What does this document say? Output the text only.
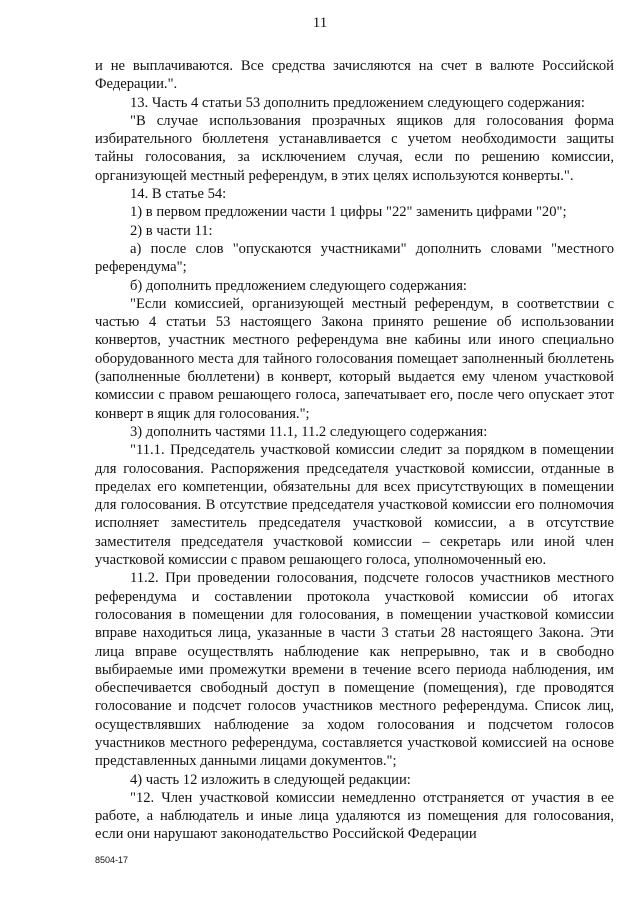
11

и не выплачиваются. Все средства зачисляются на счет в валюте Российской Федерации.".

13. Часть 4 статьи 53 дополнить предложением следующего содержания:

"В случае использования прозрачных ящиков для голосования форма избирательного бюллетеня устанавливается с учетом необходимости защиты тайны голосования, за исключением случая, если по решению комиссии, организующей местный референдум, в этих целях используются конверты.".

14. В статье 54:

1) в первом предложении части 1 цифры "22" заменить цифрами "20";

2) в части 11:

а) после слов "опускаются участниками" дополнить словами "местного референдума";

б) дополнить предложением следующего содержания:

"Если комиссией, организующей местный референдум, в соответствии с частью 4 статьи 53 настоящего Закона принято решение об использовании конвертов, участник местного референдума вне кабины или иного специально оборудованного места для тайного голосования помещает заполненный бюллетень (заполненные бюллетени) в конверт, который выдается ему членом участковой комиссии с правом решающего голоса, запечатывает его, после чего опускает этот конверт в ящик для голосования.";

3) дополнить частями 11.1, 11.2 следующего содержания:

"11.1. Председатель участковой комиссии следит за порядком в помещении для голосования. Распоряжения председателя участковой комиссии, отданные в пределах его компетенции, обязательны для всех присутствующих в помещении для голосования. В отсутствие председателя участковой комиссии его полномочия исполняет заместитель председателя участковой комиссии, а в отсутствие заместителя председателя участковой комиссии – секретарь или иной член участковой комиссии с правом решающего голоса, уполномоченный ею.

11.2. При проведении голосования, подсчете голосов участников местного референдума и составлении протокола участковой комиссии об итогах голосования в помещении для голосования, в помещении участковой комиссии вправе находиться лица, указанные в части 3 статьи 28 настоящего Закона. Эти лица вправе осуществлять наблюдение как непрерывно, так и в свободно выбираемые ими промежутки времени в течение всего периода наблюдения, им обеспечивается свободный доступ в помещение (помещения), где проводятся голосование и подсчет голосов участников местного референдума. Список лиц, осуществлявших наблюдение за ходом голосования и подсчетом голосов участников местного референдума, составляется участковой комиссией на основе представленных данными лицами документов.";

4) часть 12 изложить в следующей редакции:

"12. Член участковой комиссии немедленно отстраняется от участия в ее работе, а наблюдатель и иные лица удаляются из помещения для голосования, если они нарушают законодательство Российской Федерации

8504-17
